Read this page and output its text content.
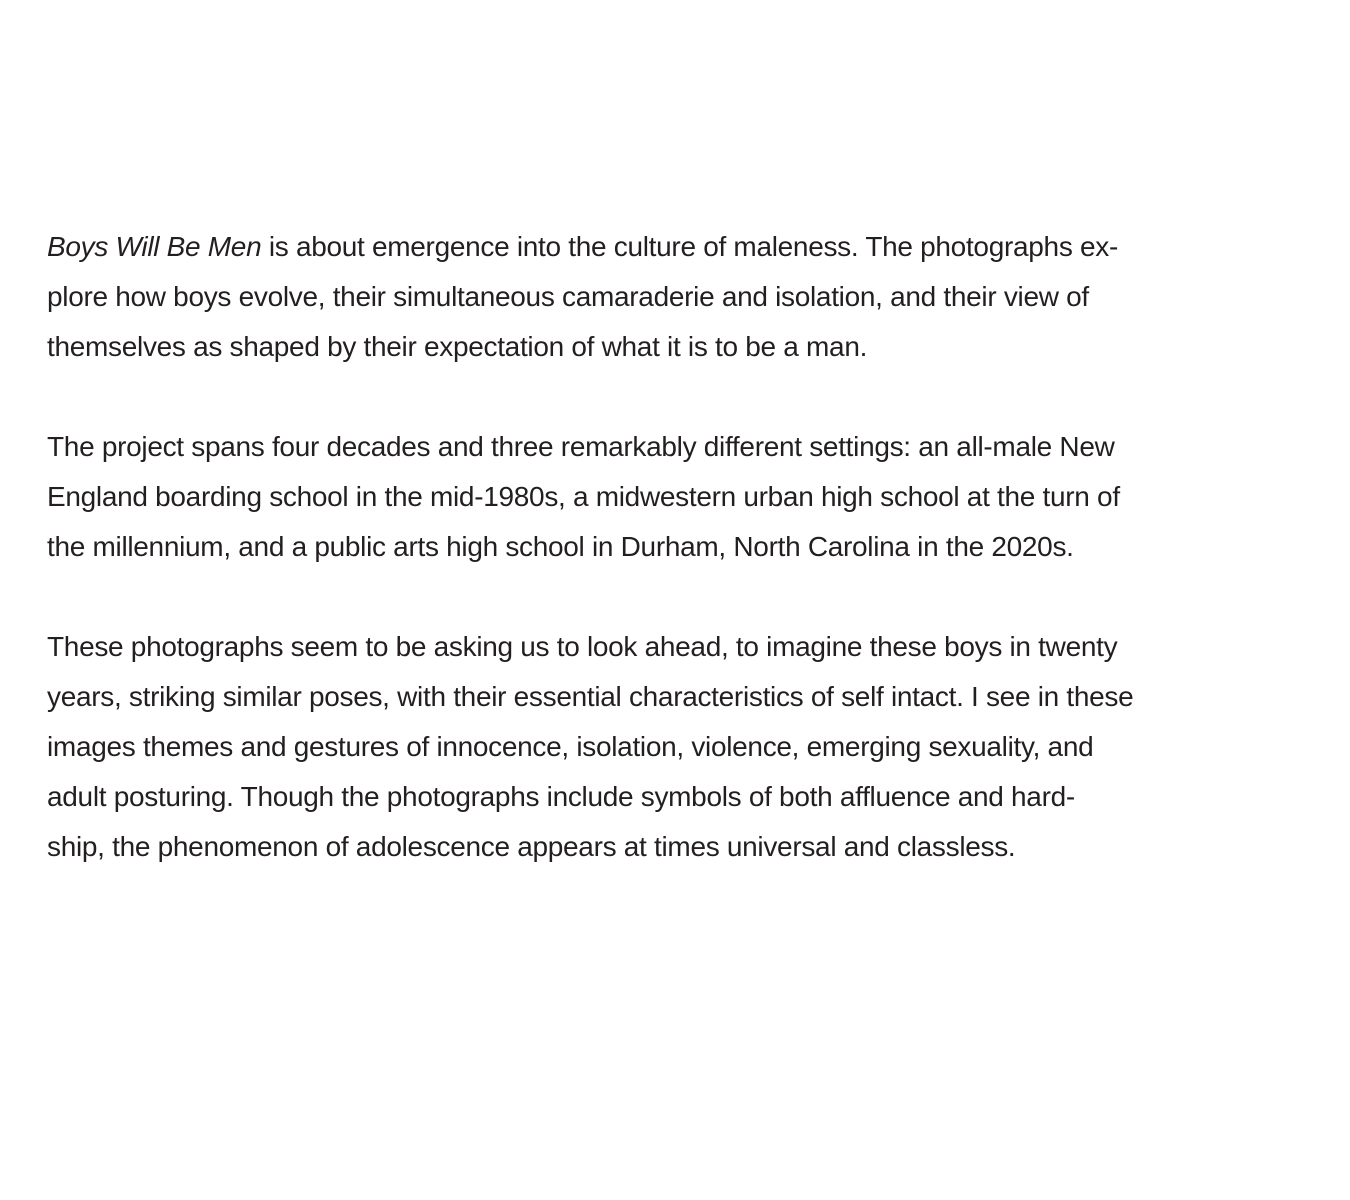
Boys Will Be Men is about emergence into the culture of maleness. The photographs ex-
plore how boys evolve, their simultaneous camaraderie and isolation, and their view of
themselves as shaped by their expectation of what it is to be a man.

The project spans four decades and three remarkably different settings: an all-male New
England boarding school in the mid-1980s, a midwestern urban high school at the turn of
the millennium, and a public arts high school in Durham, North Carolina in the 2020s.

These photographs seem to be asking us to look ahead, to imagine these boys in twenty
years, striking similar poses, with their essential characteristics of self intact. I see in these
images themes and gestures of innocence, isolation, violence, emerging sexuality, and
adult posturing. Though the photographs include symbols of both affluence and hard-
ship, the phenomenon of adolescence appears at times universal and classless.
